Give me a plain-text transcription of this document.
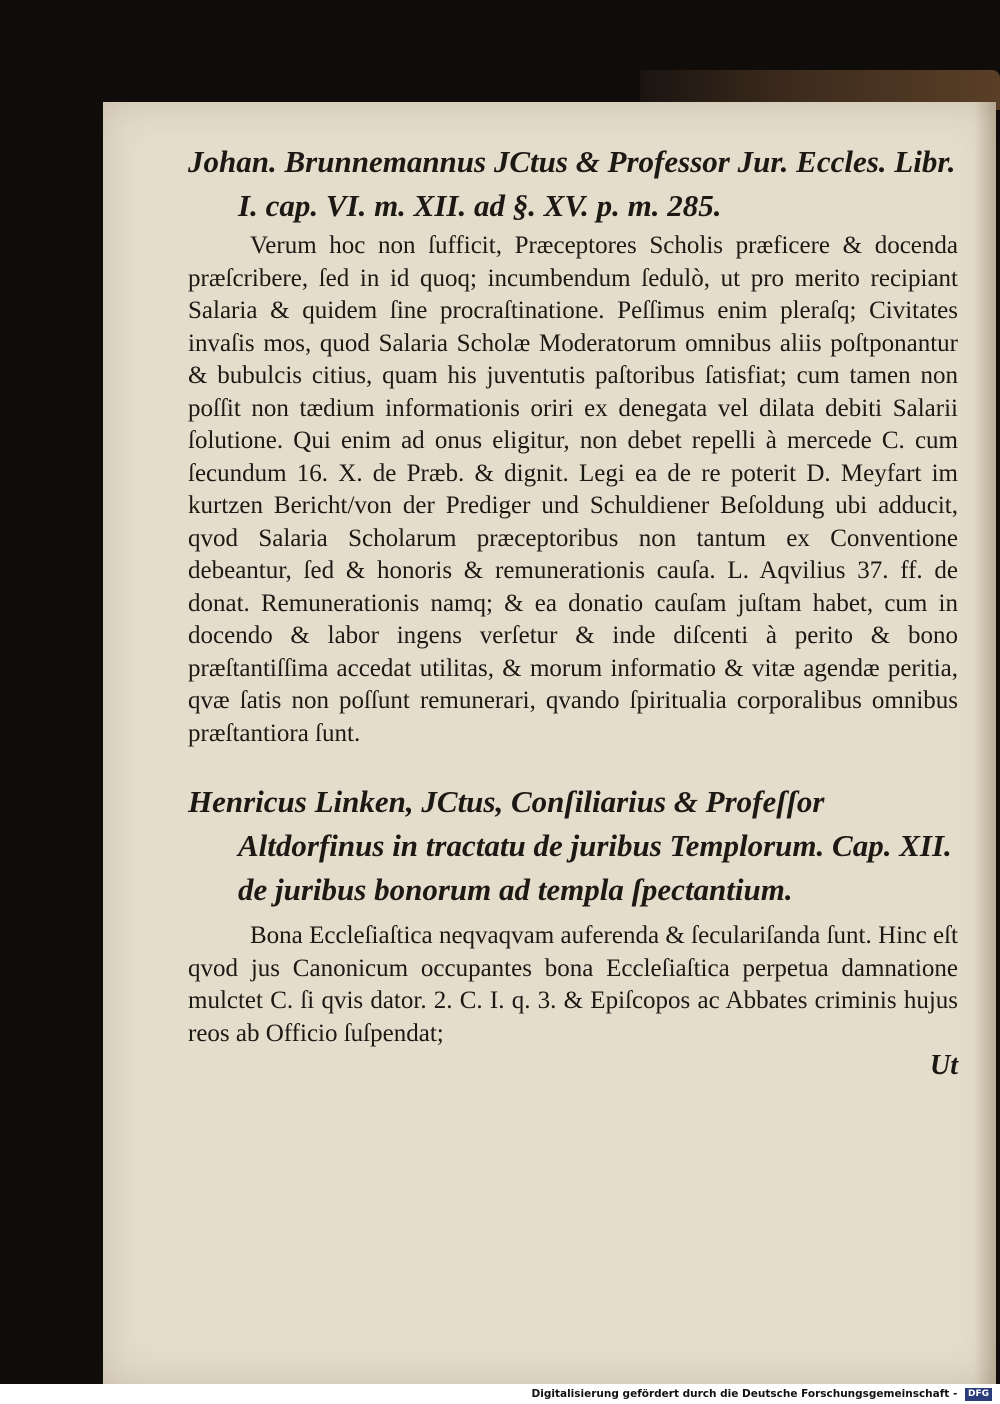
Johan. Brunnemannus JCtus & Professor Jur. Eccles. Libr. I. cap. VI. m. XII. ad §. XV. p. m. 285.

Verum hoc non ſufficit, Præceptores Scholis præficere & docenda præſcribere, ſed in id quoq; incumbendum ſedulò, ut pro merito recipiant Salaria & quidem ſine procraſtinatione. Peſſimus enim pleraſq; Civitates invaſis mos, quod Salaria Scholæ Moderatorum omnibus aliis poſtponantur & bubulcis citius, quam his juventutis paſtoribus ſatisfiat; cum tamen non poſſit non tædium informationis oriri ex denegata vel dilata debiti Salarii ſolutione. Qui enim ad onus eligitur, non debet repelli à mercede C. cum ſecundum 16. X. de Præb. & dignit. Legi ea de re poterit D. Meyfart im kurtzen Bericht/von der Prediger und Schuldiener Beſoldung ubi adducit, qvod Salaria Scholarum præceptoribus non tantum ex Conventione debeantur, ſed & honoris & remunerationis cauſa. L. Aqvilius 37. ff. de donat. Remunerationis namq; & ea donatio cauſam juſtam habet, cum in docendo & labor ingens verſetur & inde diſcenti à perito & bono præſtantiſſima accedat utilitas, & morum informatio & vitæ agendæ peritia, qvæ ſatis non poſſunt remunerari, qvando ſpiritualia corporalibus omnibus præſtantiora ſunt.

Henricus Linken, JCtus, Conſiliarius & Profeſſor Altdorfinus in tractatu de juribus Templorum. Cap. XII. de juribus bonorum ad templa ſpectantium.

Bona Eccleſiaſtica neqvaqvam auferenda & ſeculariſanda ſunt. Hinc eſt qvod jus Canonicum occupantes bona Eccleſiaſtica perpetua damnatione mulctet C. ſi qvis dator. 2. C. I. q. 3. & Epiſcopos ac Abbates criminis hujus reos ab Officio ſuſpendat;

Ut

Digitalisierung gefördert durch die Deutsche Forschungsgemeinschaft - DFG
